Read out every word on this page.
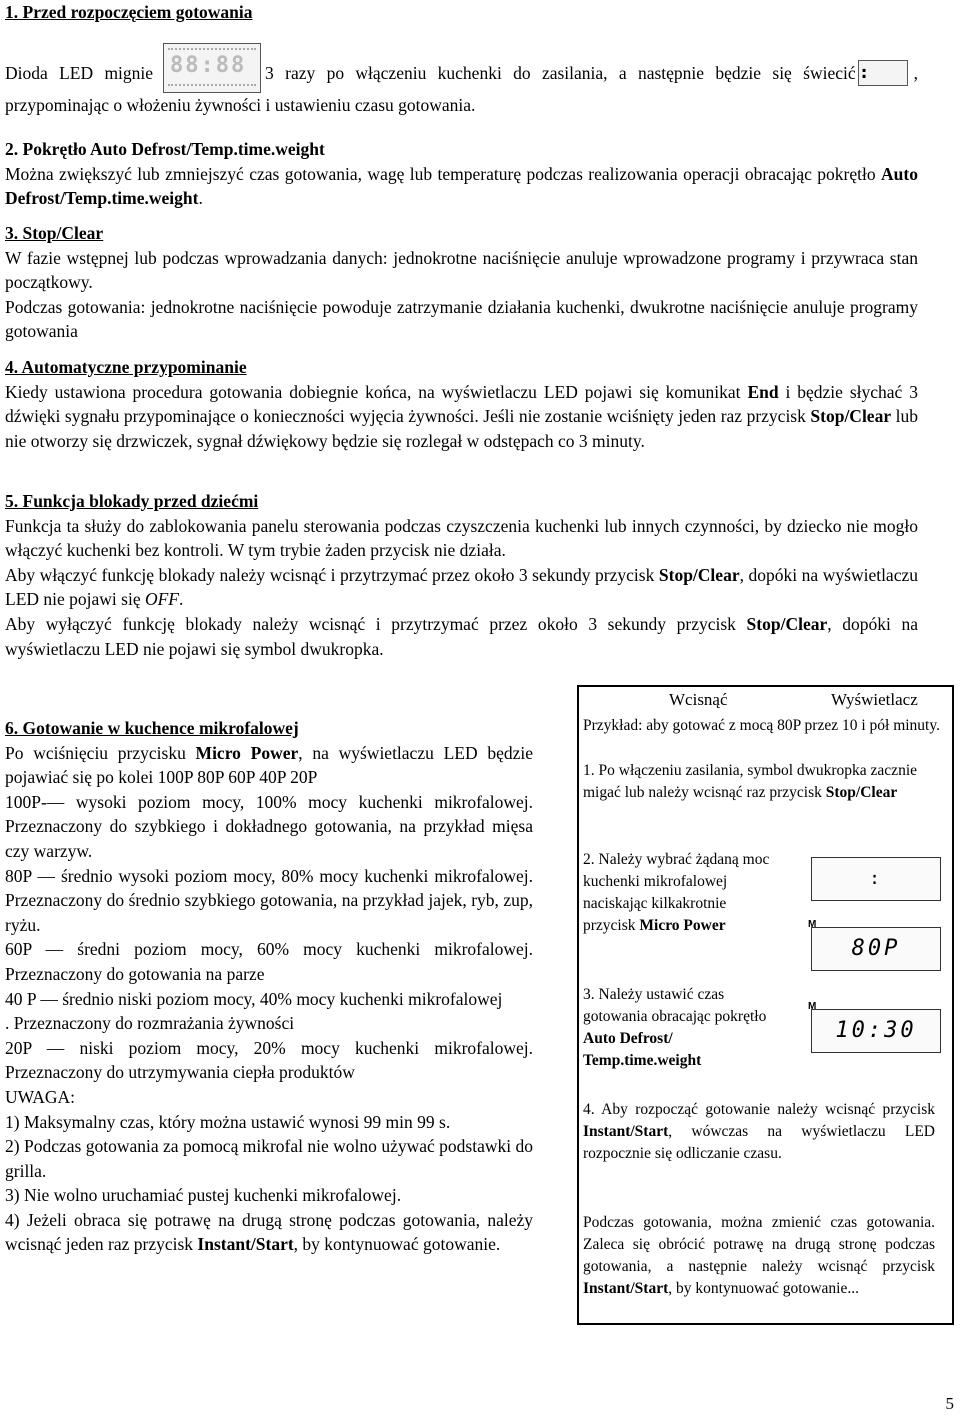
1. Przed rozpoczęciem gotowania

Dioda LED mignie 88:88	3 razy po włączeniu kuchenki do zasilania, a następnie będzie się świecić :	, przypominając o włożeniu żywności i ustawieniu czasu gotowania.

2. Pokrętło Auto Defrost/Temp.time.weight

Można zwiększyć lub zmniejszyć czas gotowania, wagę lub temperaturę podczas realizowania operacji obracając pokrętło Auto Defrost/Temp.time.weight.

3. Stop/Clear

W fazie wstępnej lub podczas wprowadzania danych: jednokrotne naciśnięcie anuluje wprowadzone programy i przywraca stan początkowy.

Podczas gotowania: jednokrotne naciśnięcie powoduje zatrzymanie działania kuchenki, dwukrotne naciśnięcie anuluje programy gotowania

4. Automatyczne przypominanie

Kiedy ustawiona procedura gotowania dobiegnie końca, na wyświetlaczu LED pojawi się komunikat End i będzie słychać 3 dźwięki sygnału przypominające o konieczności wyjęcia żywności. Jeśli nie zostanie wciśnięty jeden raz przycisk Stop/Clear lub nie otworzy się drzwiczek, sygnał dźwiękowy będzie się rozlegał w odstępach co 3 minuty.

5. Funkcja blokady przed dziećmi

Funkcja ta służy do zablokowania panelu sterowania podczas czyszczenia kuchenki lub innych czynności, by dziecko nie mogło włączyć kuchenki bez kontroli. W tym trybie żaden przycisk nie działa.

Aby włączyć funkcję blokady należy wcisnąć i przytrzymać przez około 3 sekundy przycisk Stop/Clear, dopóki na wyświetlaczu LED nie pojawi się OFF.

Aby wyłączyć funkcję blokady należy wcisnąć i przytrzymać przez około 3 sekundy przycisk Stop/Clear, dopóki na wyświetlaczu LED nie pojawi się symbol dwukropka.

6. Gotowanie w kuchence mikrofalowej

Po wciśnięciu przycisku Micro Power, na wyświetlaczu LED będzie pojawiać się po kolei 100P 80P 60P 40P 20P

100P-— wysoki poziom mocy, 100% mocy kuchenki mikrofalowej. Przeznaczony do szybkiego i dokładnego gotowania, na przykład mięsa czy warzyw.

80P — średnio wysoki poziom mocy, 80% mocy kuchenki mikrofalowej. Przeznaczony do średnio szybkiego gotowania, na przykład jajek, ryb, zup, ryżu.

60P — średni poziom mocy, 60% mocy kuchenki mikrofalowej. Przeznaczony do gotowania na parze

40 P — średnio niski poziom mocy, 40% mocy kuchenki mikrofalowej

. Przeznaczony do rozmrażania żywności

20P — niski poziom mocy, 20% mocy kuchenki mikrofalowej. Przeznaczony do utrzymywania ciepła produktów

UWAGA:

1) Maksymalny czas, który można ustawić wynosi 99 min 99 s.

2) Podczas gotowania za pomocą mikrofal nie wolno używać podstawki do grilla.

3) Nie wolno uruchamiać pustej kuchenki mikrofalowej.

4) Jeżeli obraca się potrawę na drugą stronę podczas gotowania, należy wcisnąć jeden raz przycisk Instant/Start, by kontynuować gotowanie.

Wcisnąć	Wyświetlacz
Przykład: aby gotować z mocą 80P przez 10 i pół minuty.
1. Po włączeniu zasilania, symbol dwukropka zacznie migać lub należy wcisnąć raz przycisk Stop/Clear
2. Należy wybrać żądaną moc kuchenki mikrofalowej naciskając kilkakrotnie przycisk Micro Power
:
M
80P
3. Należy ustawić czas gotowania obracając pokrętło Auto Defrost/ Temp.time.weight
M
10:30
4. Aby rozpocząć gotowanie należy wcisnąć przycisk Instant/Start, wówczas na wyświetlaczu LED rozpocznie się odliczanie czasu.
Podczas gotowania, można zmienić czas gotowania. Zaleca się obrócić potrawę na drugą stronę podczas gotowania, a następnie należy wcisnąć przycisk Instant/Start, by kontynuować gotowanie...
5
